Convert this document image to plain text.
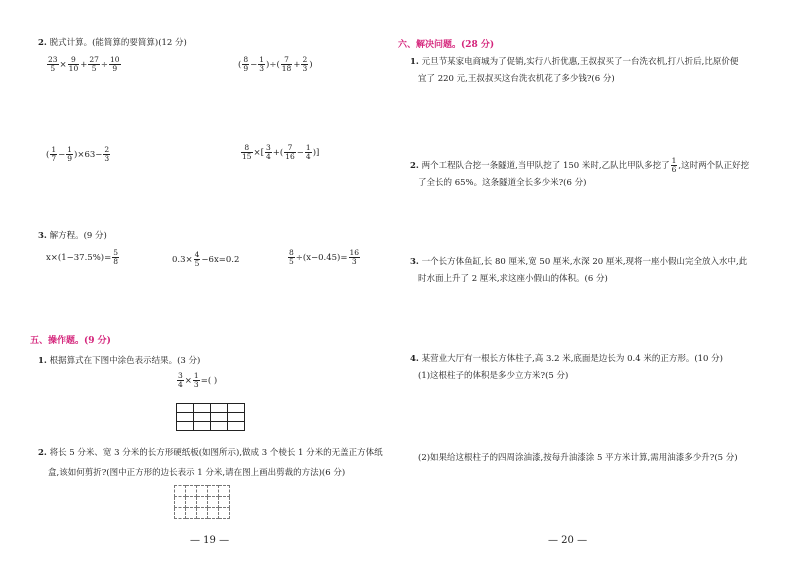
2. 脱式计算。(能简算的要简算)(12 分)
$\frac{23}{5} \times \frac{9}{10} + \frac{27}{5} \div \frac{10}{9}$	( $\frac{8}{9} - \frac{1}{3}$ )÷( $\frac{7}{18} + \frac{2}{3}$ )
( $\frac{1}{7} - \frac{1}{9} )\times 63- \frac{2}{3}$	$\frac{8}{15}$ ×[ $\frac{3}{4}$ +( $\frac{7}{16} - \frac{1}{4}$ )]
3. 解方程。(9 分)
$x\times(1-37.5\%)= \frac{5}{8}$	$0.3\times \frac{4}{5} -6x=0.2$	$\frac{8}{5} \div(x-0.45)= \frac{16}{3}$
五、操作题。(9 分)
1. 根据算式在下图中涂色表示结果。(3 分)
$\frac{3}{4} \times \frac{1}{3}$ =( )

2. 将长 5 分米、宽 3 分米的长方形硬纸板(如图所示),做成 3 个棱长 1 分米的无盖正方体纸
盒,该如何剪折?(图中正方形的边长表示 1 分米,请在图上画出剪裁的方法)(6 分)

— 19 —
六、解决问题。(28 分)
1. 元旦节某家电商城为了促销,实行八折优惠,王叔叔买了一台洗衣机,打八折后,比原价便
宜了 220 元,王叔叔买这台洗衣机花了多少钱?(6 分)
2. 两个工程队合挖一条隧道,当甲队挖了 150 米时,乙队比甲队多挖了 $\frac{1}{6}$ ,这时两个队正好挖
了全长的 65%。这条隧道全长多少米?(6 分)
3. 一个长方体鱼缸,长 80 厘米,宽 50 厘米,水深 20 厘米,现将一座小假山完全放入水中,此
时水面上升了 2 厘米,求这座小假山的体积。(6 分)
4. 某营业大厅有一根长方体柱子,高 3.2 米,底面是边长为 0.4 米的正方形。(10 分)
(1)这根柱子的体积是多少立方米?(5 分)
(2)如果给这根柱子的四周涂油漆,按每升油漆涂 5 平方米计算,需用油漆多少升?(5 分)
— 20 —
